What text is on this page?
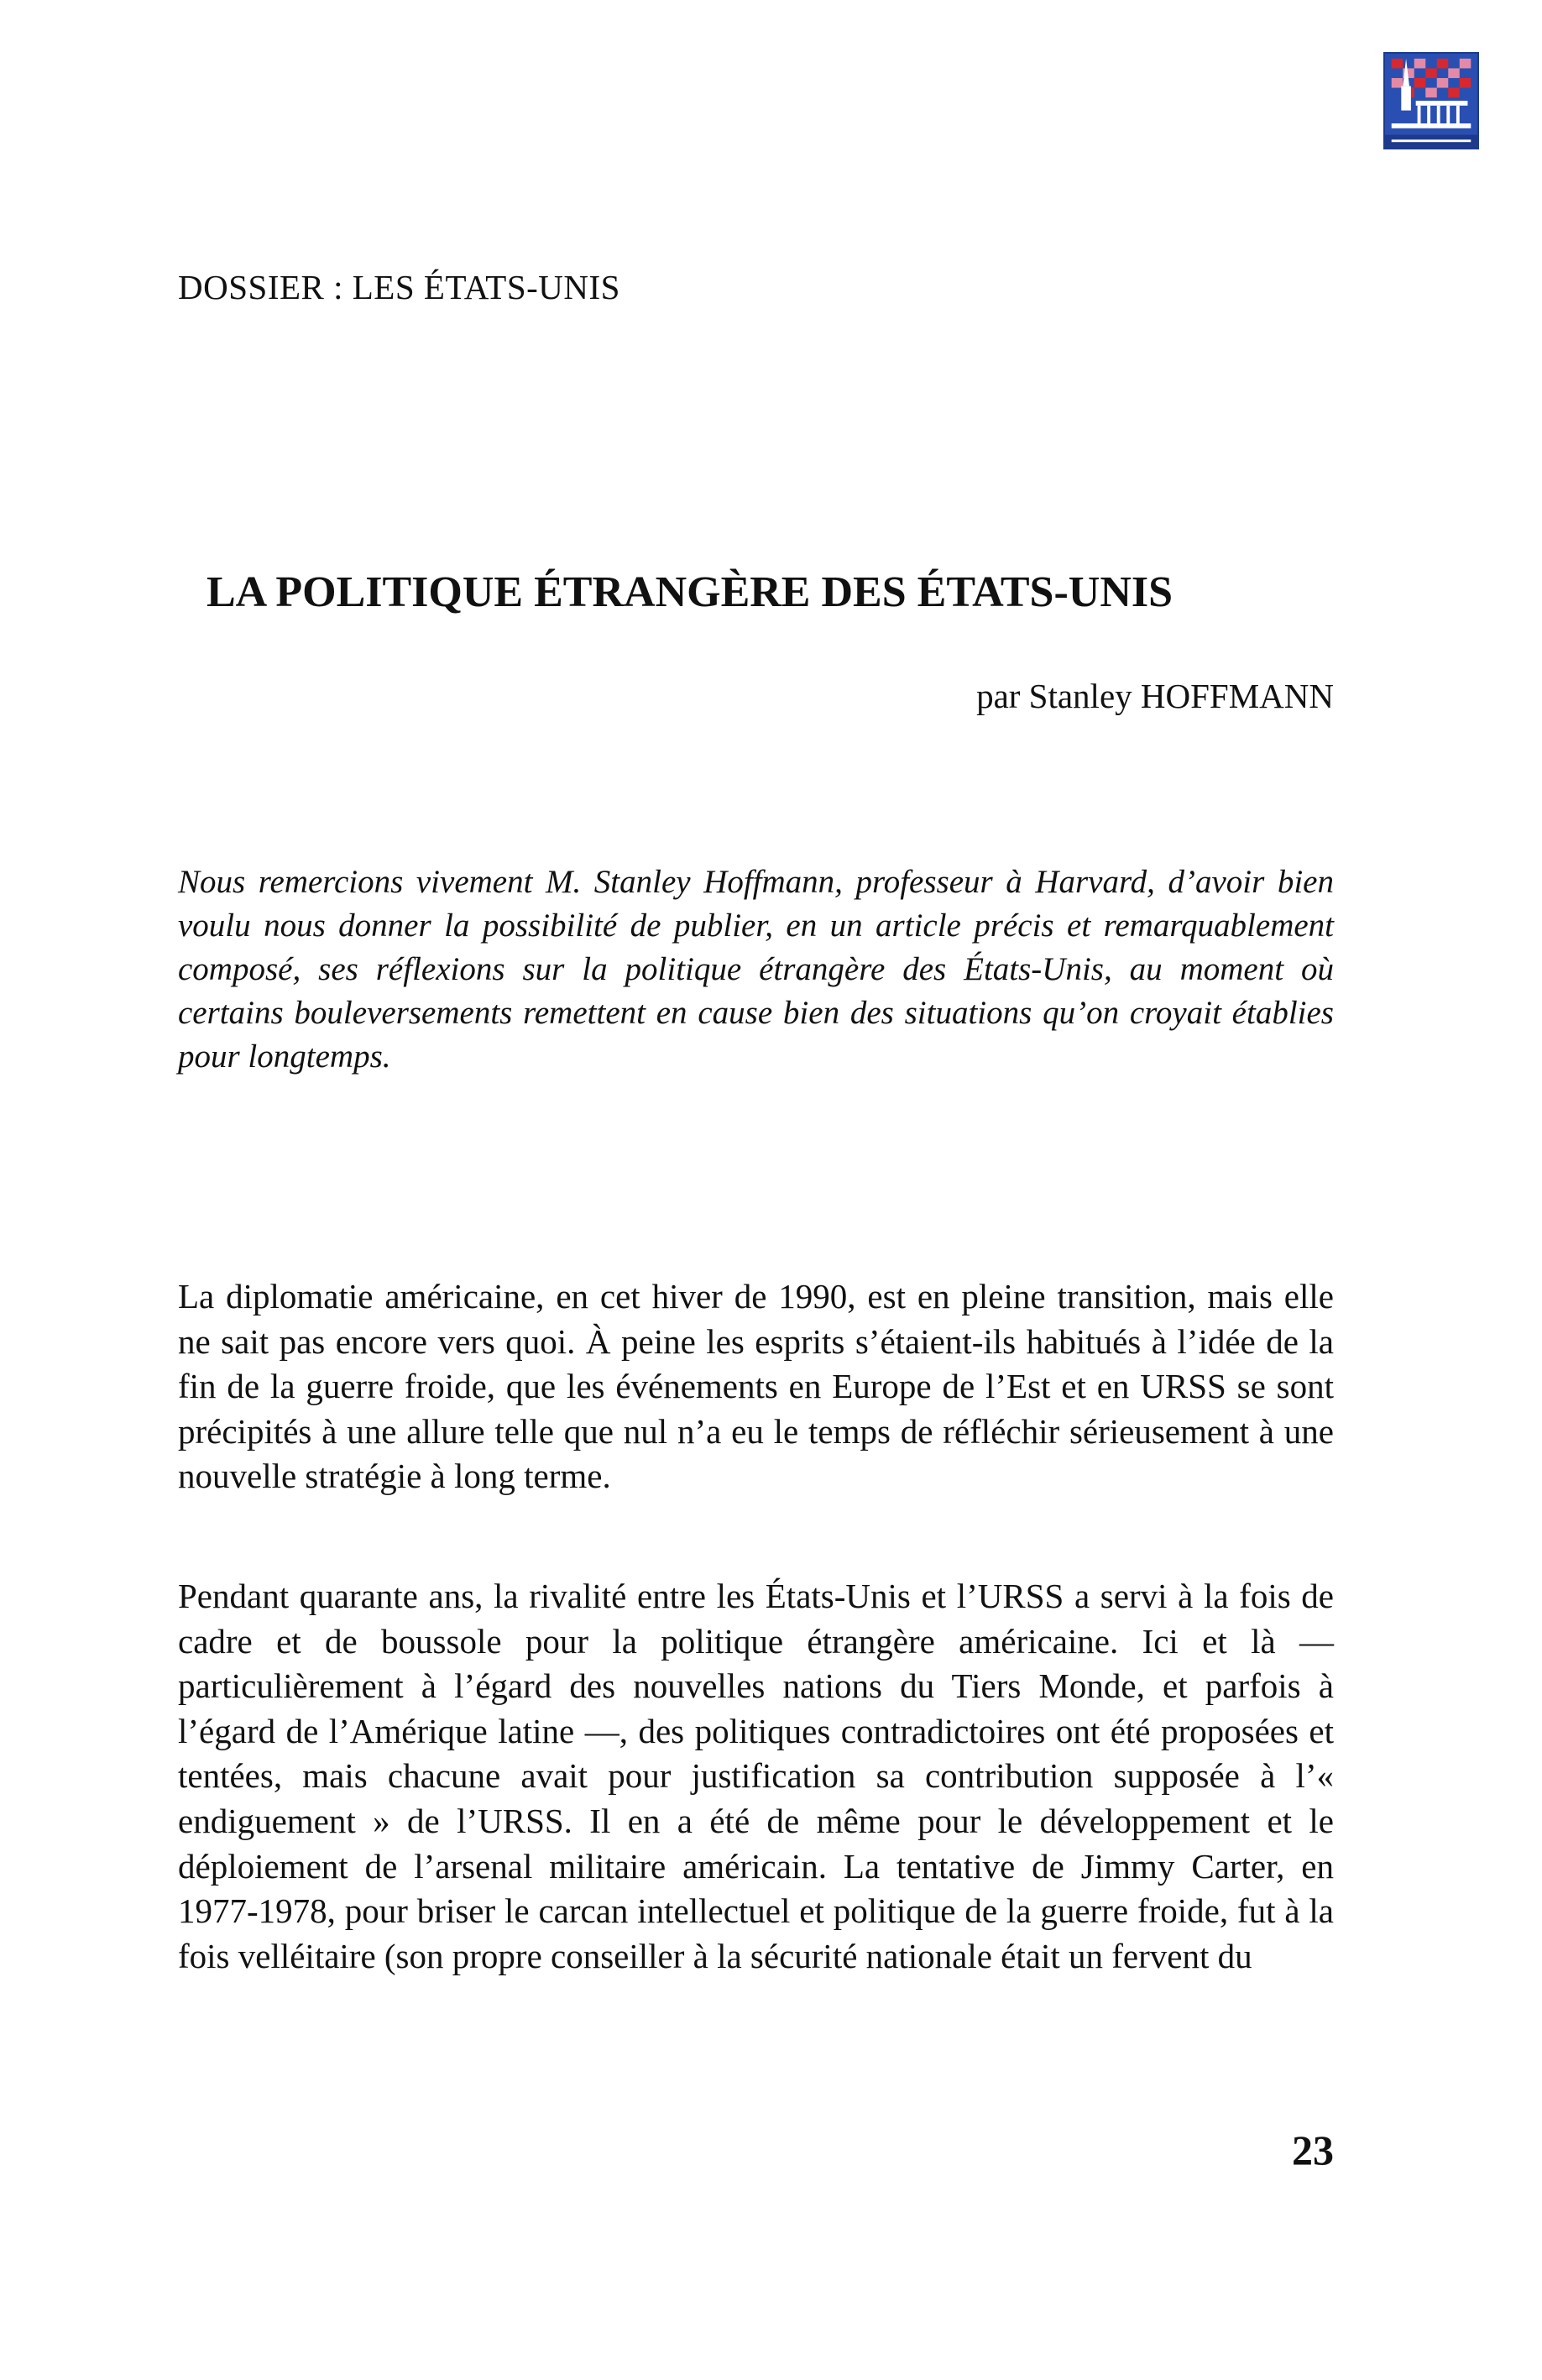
DOSSIER : LES ÉTATS-UNIS
LA POLITIQUE ÉTRANGÈRE DES ÉTATS-UNIS
par Stanley HOFFMANN

Nous remercions vivement M. Stanley Hoffmann, professeur à Harvard, d’avoir bien voulu nous donner la possibilité de publier, en un article précis et remarquablement composé, ses réflexions sur la politique étrangère des États-Unis, au moment où certains bouleversements remettent en cause bien des situations qu’on croyait établies pour longtemps.

La diplomatie américaine, en cet hiver de 1990, est en pleine transition, mais elle ne sait pas encore vers quoi. À peine les esprits s’étaient-ils habitués à l’idée de la fin de la guerre froide, que les événements en Europe de l’Est et en URSS se sont précipités à une allure telle que nul n’a eu le temps de réfléchir sérieusement à une nouvelle stratégie à long terme.

Pendant quarante ans, la rivalité entre les États-Unis et l’URSS a servi à la fois de cadre et de boussole pour la politique étrangère américaine. Ici et là — particulièrement à l’égard des nouvelles nations du Tiers Monde, et parfois à l’égard de l’Amérique latine —, des politiques contradictoires ont été proposées et tentées, mais chacune avait pour justification sa contribution supposée à l’« endiguement » de l’URSS. Il en a été de même pour le développement et le déploiement de l’arsenal militaire américain. La tentative de Jimmy Carter, en 1977-1978, pour briser le carcan intellectuel et politique de la guerre froide, fut à la fois velléitaire (son propre conseiller à la sécurité nationale était un fervent du

23
